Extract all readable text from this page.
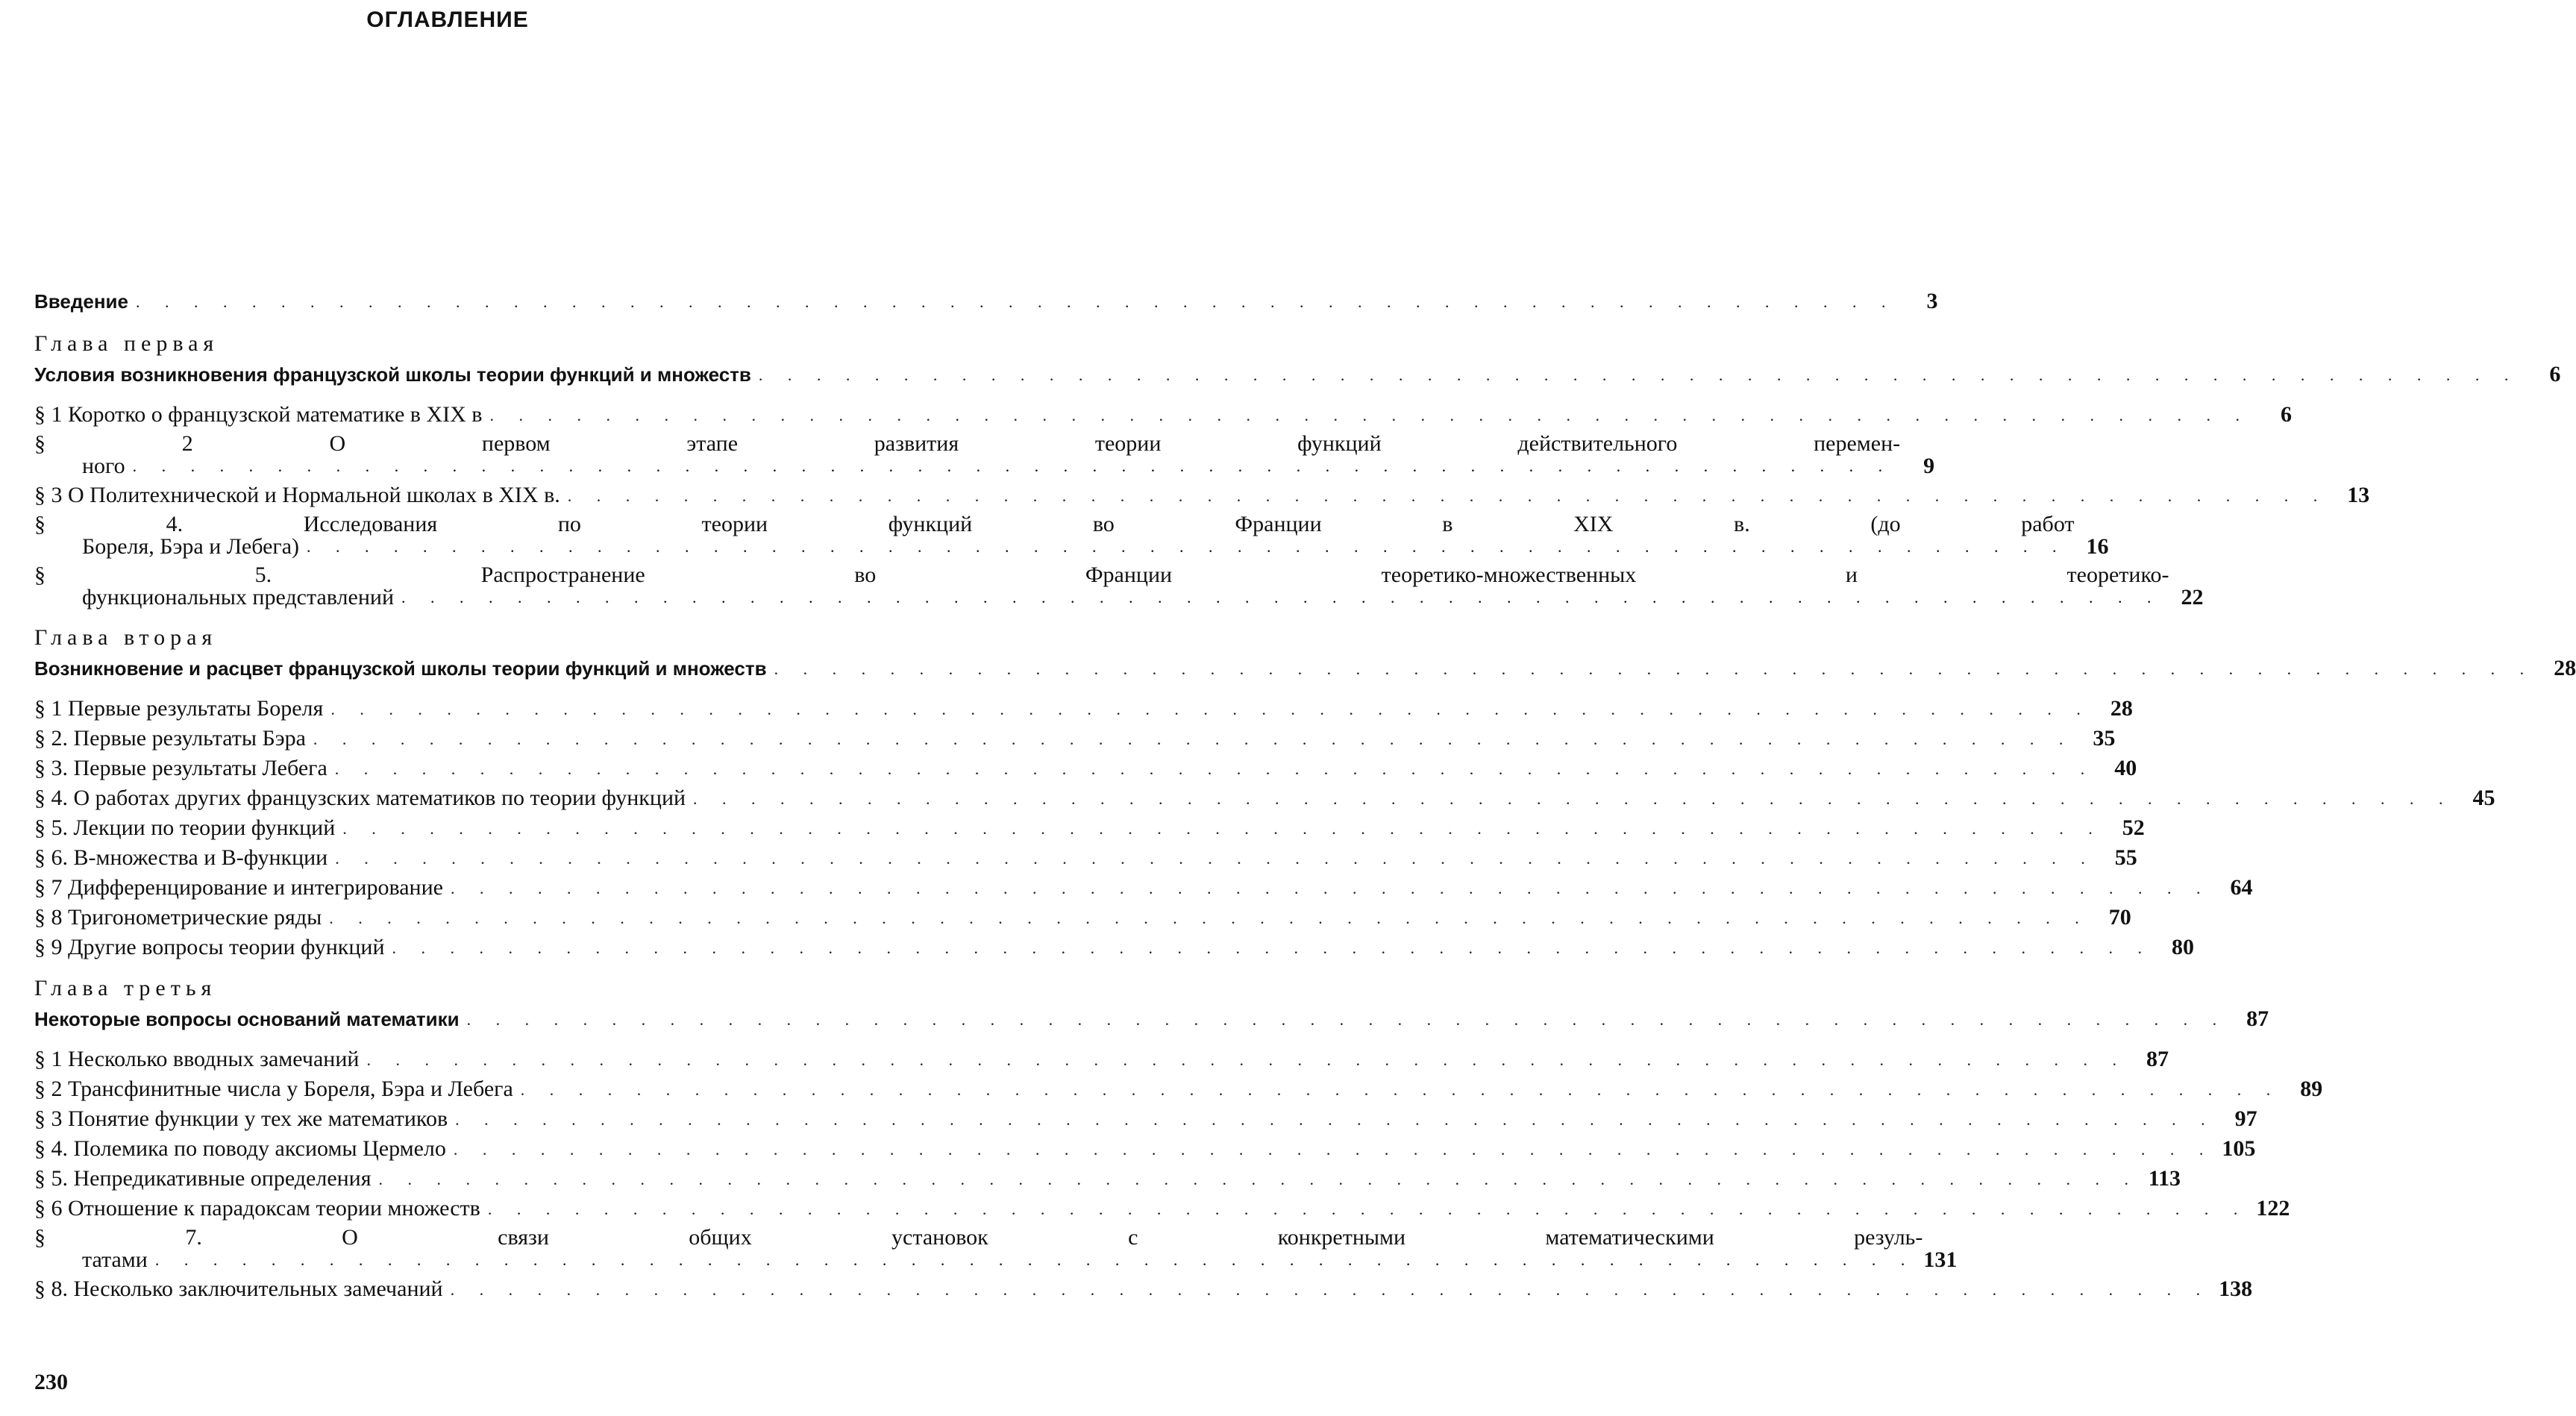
ОГЛАВЛЕНИЕ
Введение . . .	3
Глава первая
Условия возникновения французской школы теории функций и множеств . . .	6
§ 1 Коротко о французской математике в XIX в . . .	6
§ 2 О первом этапе развития теории функций действительного перемен-
ного . . .	9
§ 3 О Политехнической и Нормальной школах в XIX в. . . .	13
§ 4. Исследования по теории функций во Франции в XIX в. (до работ
Бореля, Бэра и Лебега) . . .	16
§ 5. Распространение во Франции теоретико-множественных и теоретико-
функциональных представлений . . .	22
Глава вторая
Возникновение и расцвет французской школы теории функций и множеств . . .	28
§ 1 Первые результаты Бореля . . .	28
§ 2. Первые результаты Бэра . . .	35
§ 3. Первые результаты Лебега . . .	40
§ 4. О работах других французских математиков по теории функций . . .	45
§ 5. Лекции по теории функций . . .	52
§ 6. B-множества и B-функции . . .	55
§ 7 Дифференцирование и интегрирование . . .	64
§ 8 Тригонометрические ряды . . .	70
§ 9 Другие вопросы теории функций . . .	80
Глава третья
Некоторые вопросы оснований математики . . .	87
§ 1 Несколько вводных замечаний . . .	87
§ 2 Трансфинитные числа у Бореля, Бэра и Лебега . . .	89
§ 3 Понятие функции у тех же математиков . . .	97
§ 4. Полемика по поводу аксиомы Цермело . . .	105
§ 5. Непредикативные определения . . .	113
§ 6 Отношение к парадоксам теории множеств . . .	122
§ 7. О связи общих установок с конкретными математическими резуль-
татами . . .	131
§ 8. Несколько заключительных замечаний . . .	138
230
